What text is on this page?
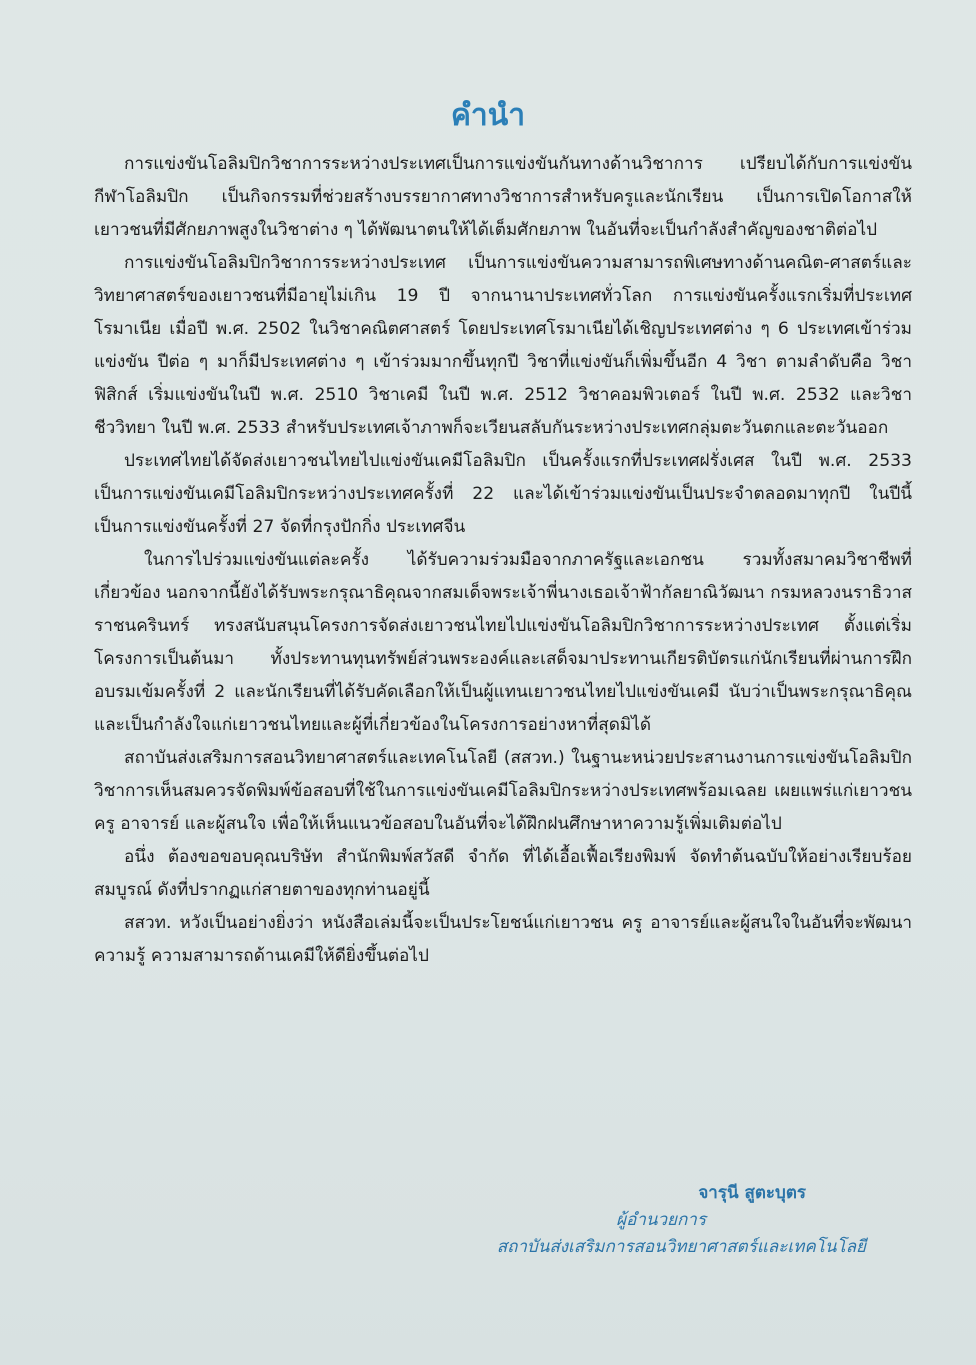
คำนำ

การแข่งขันโอลิมปิกวิชาการระหว่างประเทศเป็นการแข่งขันกันทางด้านวิชาการ เปรียบได้กับการแข่งขันกีฬาโอลิมปิก เป็นกิจกรรมที่ช่วยสร้างบรรยากาศทางวิชาการสำหรับครูและนักเรียน เป็นการเปิดโอกาสให้เยาวชนที่มีศักยภาพสูงในวิชาต่าง ๆ ได้พัฒนาตนให้ได้เต็มศักยภาพ ในอันที่จะเป็นกำลังสำคัญของชาติต่อไป

การแข่งขันโอลิมปิกวิชาการระหว่างประเทศ เป็นการแข่งขันความสามารถพิเศษทางด้านคณิต-ศาสตร์และวิทยาศาสตร์ของเยาวชนที่มีอายุไม่เกิน 19 ปี จากนานาประเทศทั่วโลก การแข่งขันครั้งแรกเริ่มที่ประเทศโรมาเนีย เมื่อปี พ.ศ. 2502 ในวิชาคณิตศาสตร์ โดยประเทศโรมาเนียได้เชิญประเทศต่าง ๆ 6 ประเทศเข้าร่วมแข่งขัน ปีต่อ ๆ มาก็มีประเทศต่าง ๆ เข้าร่วมมากขึ้นทุกปี วิชาที่แข่งขันก็เพิ่มขึ้นอีก 4 วิชา ตามลำดับคือ วิชาฟิสิกส์ เริ่มแข่งขันในปี พ.ศ. 2510 วิชาเคมี ในปี พ.ศ. 2512 วิชาคอมพิวเตอร์ ในปี พ.ศ. 2532 และวิชาชีววิทยา ในปี พ.ศ. 2533 สำหรับประเทศเจ้าภาพก็จะเวียนสลับกันระหว่างประเทศกลุ่มตะวันตกและตะวันออก

ประเทศไทยได้จัดส่งเยาวชนไทยไปแข่งขันเคมีโอลิมปิก เป็นครั้งแรกที่ประเทศฝรั่งเศส ในปี พ.ศ. 2533 เป็นการแข่งขันเคมีโอลิมปิกระหว่างประเทศครั้งที่ 22 และได้เข้าร่วมแข่งขันเป็นประจำตลอดมาทุกปี ในปีนี้เป็นการแข่งขันครั้งที่ 27 จัดที่กรุงปักกิ่ง ประเทศจีน

ในการไปร่วมแข่งขันแต่ละครั้ง ได้รับความร่วมมือจากภาครัฐและเอกชน รวมทั้งสมาคมวิชาชีพที่เกี่ยวข้อง นอกจากนี้ยังได้รับพระกรุณาธิคุณจากสมเด็จพระเจ้าพี่นางเธอเจ้าฟ้ากัลยาณิวัฒนา กรมหลวงนราธิวาสราชนครินทร์ ทรงสนับสนุนโครงการจัดส่งเยาวชนไทยไปแข่งขันโอลิมปิกวิชาการระหว่างประเทศ ตั้งแต่เริ่มโครงการเป็นต้นมา ทั้งประทานทุนทรัพย์ส่วนพระองค์และเสด็จมาประทานเกียรติบัตรแก่นักเรียนที่ผ่านการฝึกอบรมเข้มครั้งที่ 2 และนักเรียนที่ได้รับคัดเลือกให้เป็นผู้แทนเยาวชนไทยไปแข่งขันเคมี นับว่าเป็นพระกรุณาธิคุณและเป็นกำลังใจแก่เยาวชนไทยและผู้ที่เกี่ยวข้องในโครงการอย่างหาที่สุดมิได้

สถาบันส่งเสริมการสอนวิทยาศาสตร์และเทคโนโลยี (สสวท.) ในฐานะหน่วยประสานงานการแข่งขันโอลิมปิกวิชาการเห็นสมควรจัดพิมพ์ข้อสอบที่ใช้ในการแข่งขันเคมีโอลิมปิกระหว่างประเทศพร้อมเฉลย เผยแพร่แก่เยาวชน ครู อาจารย์ และผู้สนใจ เพื่อให้เห็นแนวข้อสอบในอันที่จะได้ฝึกฝนศึกษาหาความรู้เพิ่มเติมต่อไป

อนึ่ง ต้องขอขอบคุณบริษัท สำนักพิมพ์สวัสดี จำกัด ที่ได้เอื้อเฟื้อเรียงพิมพ์ จัดทำต้นฉบับให้อย่างเรียบร้อยสมบูรณ์ ดังที่ปรากฏแก่สายตาของทุกท่านอยู่นี้

สสวท. หวังเป็นอย่างยิ่งว่า หนังสือเล่มนี้จะเป็นประโยชน์แก่เยาวชน ครู อาจารย์และผู้สนใจในอันที่จะพัฒนาความรู้ ความสามารถด้านเคมีให้ดียิ่งขึ้นต่อไป

จารุนี สูตะบุตร
ผู้อำนวยการ
สถาบันส่งเสริมการสอนวิทยาศาสตร์และเทคโนโลยี
